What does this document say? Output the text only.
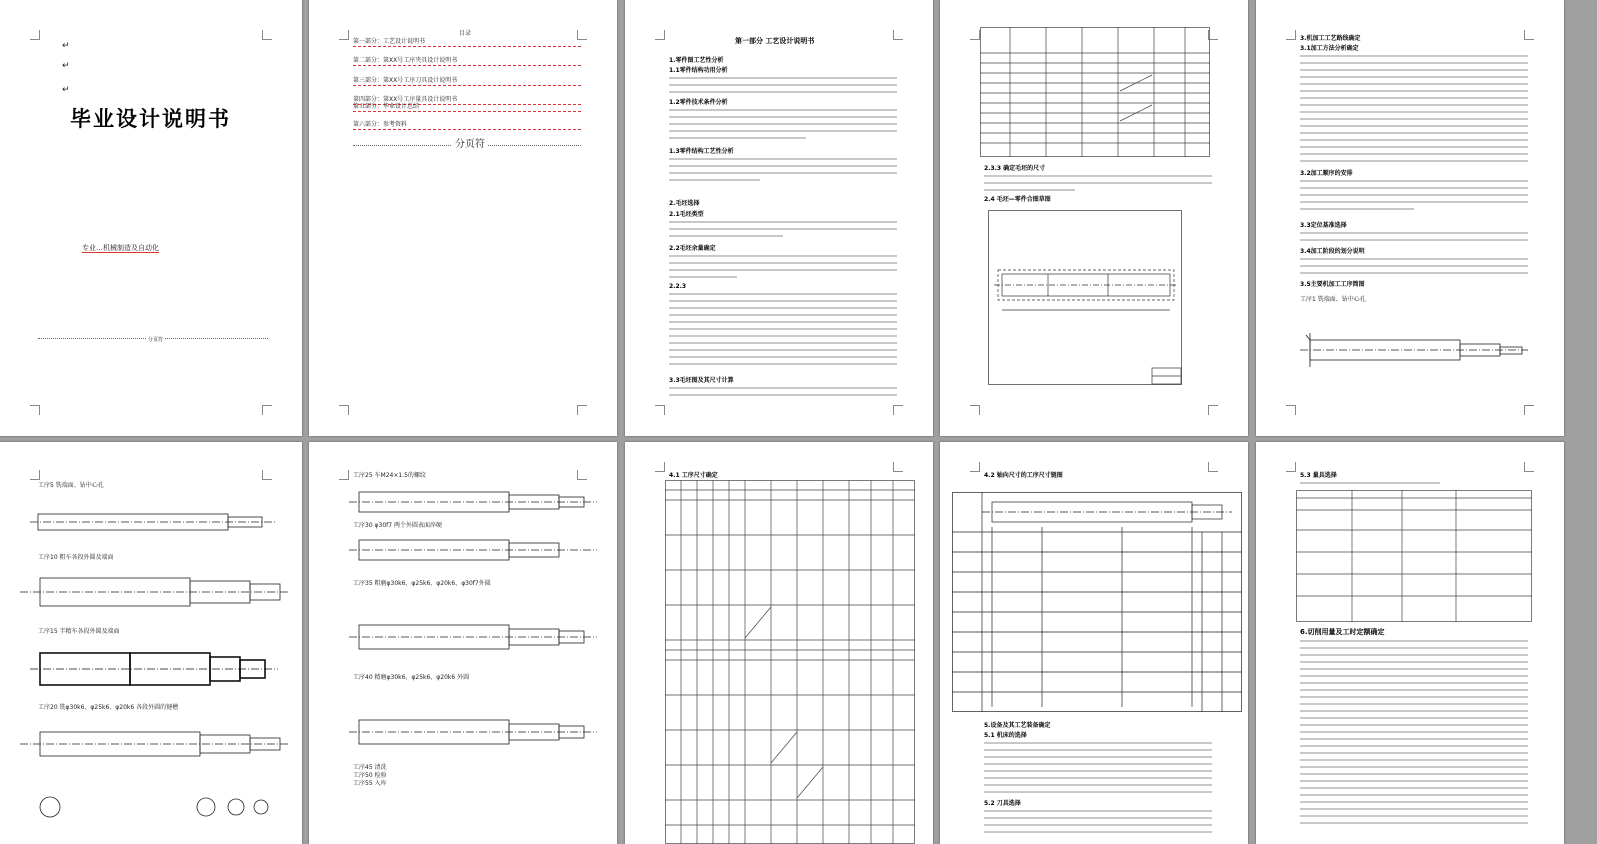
↵
↵
↵
毕业设计说明书
专业…机械制造及自动化
分页符
目录
第一部分：工艺设计说明书
第二部分：第XX号工序夹具设计说明书
第三部分：第XX号工序刀具设计说明书
第四部分：第XX号工序量具设计说明书
第五部分：毕业设计总结
第六部分：参考资料
分页符
第一部分 工艺设计说明书
1.零件图工艺性分析
1.1零件结构功用分析
1.2零件技术条件分析
1.3零件结构工艺性分析
2.毛坯选择
2.1毛坯类型
2.2毛坯余量确定
2.2.3
3.3毛坯图及其尺寸计算
2.3.3 确定毛坯的尺寸
2.4 毛坯—零件合图草图
3.机加工工艺路线确定
3.1加工方法分析确定
3.2加工顺序的安排
3.3定位基准选择
3.4加工阶段的划分说明
3.5主要机加工工序简图
工序1 铣端面、钻中心孔
工序5 铣端面、钻中心孔
工序10 粗车各段外圆及端面
工序15 半精车各段外圆及端面
工序20 铣φ30k6、φ25k6、φ20k6 各段外圆的键槽
工序25 车M24×1.5的螺纹
工序30 φ30f7 两个外圆表面淬硬
工序35 粗磨φ30k6、φ25k6、φ20k6、φ30f7外圆
工序40 精磨φ30k6、φ25k6、φ20k6 外圆
工序45 清洗
工序50 检验
工序55 入库
4.1 工序尺寸确定	4.2 轴向尺寸的工序尺寸链图
5.设备及其工艺装备确定
5.1 机床的选择
5.2 刀具选择
5.3 量具选择
6.切削用量及工时定额确定
